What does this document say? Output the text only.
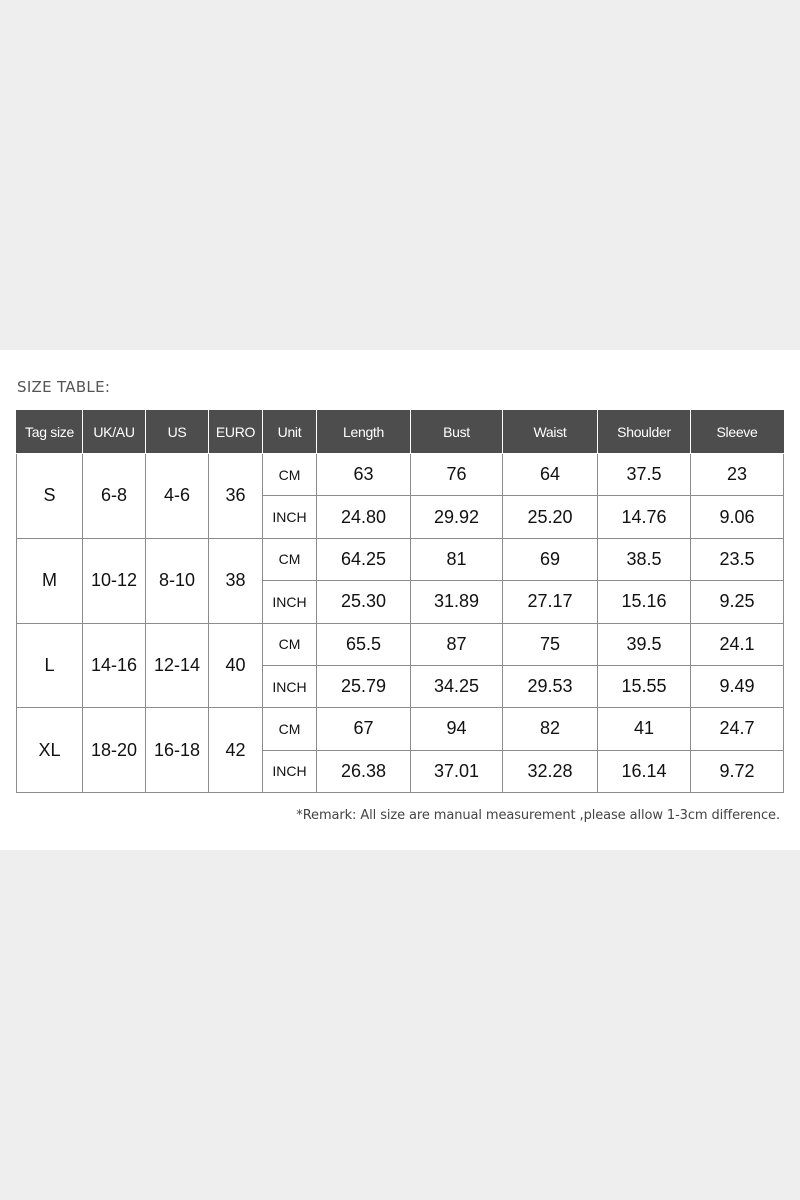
SIZE TABLE:
Tag size	UK/AU	US	EURO	Unit	Length	Bust	Waist	Shoulder	Sleeve
S	6-8	4-6	36	CM	63	76	64	37.5	23
				INCH	24.80	29.92	25.20	14.76	9.06
M	10-12	8-10	38	CM	64.25	81	69	38.5	23.5
				INCH	25.30	31.89	27.17	15.16	9.25
L	14-16	12-14	40	CM	65.5	87	75	39.5	24.1
				INCH	25.79	34.25	29.53	15.55	9.49
XL	18-20	16-18	42	CM	67	94	82	41	24.7
				INCH	26.38	37.01	32.28	16.14	9.72
*Remark: All size are manual measurement ,please allow 1-3cm difference.
